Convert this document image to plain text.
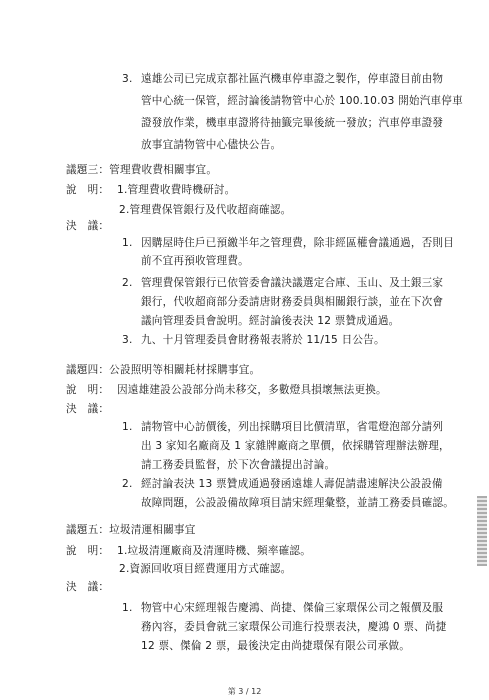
3. 遠雄公司已完成京都社區汽機車停車證之製作，停車證目前由物
管中心統一保管，經討論後請物管中心於 100.10.03 開始汽車停車
證發放作業，機車車證將待抽籤完畢後統一發放；汽車停車證發
放事宜請物管中心儘快公告。
議題三：管理費收費相關事宜。
說　明： 1.管理費收費時機研討。
2.管理費保管銀行及代收超商確認。
決　議：
1. 因購屋時住戶已預繳半年之管理費，除非經區權會議通過，否則目
前不宜再預收管理費。
2. 管理費保管銀行已依管委會議決議選定合庫、玉山、及土銀三家
銀行，代收超商部分委請唐財務委員與相關銀行談，並在下次會
議向管理委員會說明。經討論後表決 12 票贊成通過。
3. 九、十月管理委員會財務報表將於 11/15 日公告。
議題四：公設照明等相關耗材採購事宜。
說　明： 因遠雄建設公設部分尚未移交，多數燈具損壞無法更換。
決　議：
1. 請物管中心訪價後，列出採購項目比價清單，省電燈泡部分請列
出 3 家知名廠商及 1 家雜牌廠商之單價，依採購管理辦法辦理，
請工務委員監督，於下次會議提出討論。
2. 經討論表決 13 票贊成通過發函遠雄人壽促請盡速解決公設設備
故障問題，公設設備故障項目請宋經理彙整，並請工務委員確認。
議題五：垃圾清運相關事宜
說　明： 1.垃圾清運廠商及清運時機、頻率確認。
2.資源回收項目經費運用方式確認。
決　議：
1. 物管中心宋經理報告慶鴻、尚捷、傑倫三家環保公司之報價及服
務內容，委員會就三家環保公司進行投票表決，慶鴻 0 票、尚捷
12 票、傑倫 2 票，最後決定由尚捷環保有限公司承做。
第 3 / 12
